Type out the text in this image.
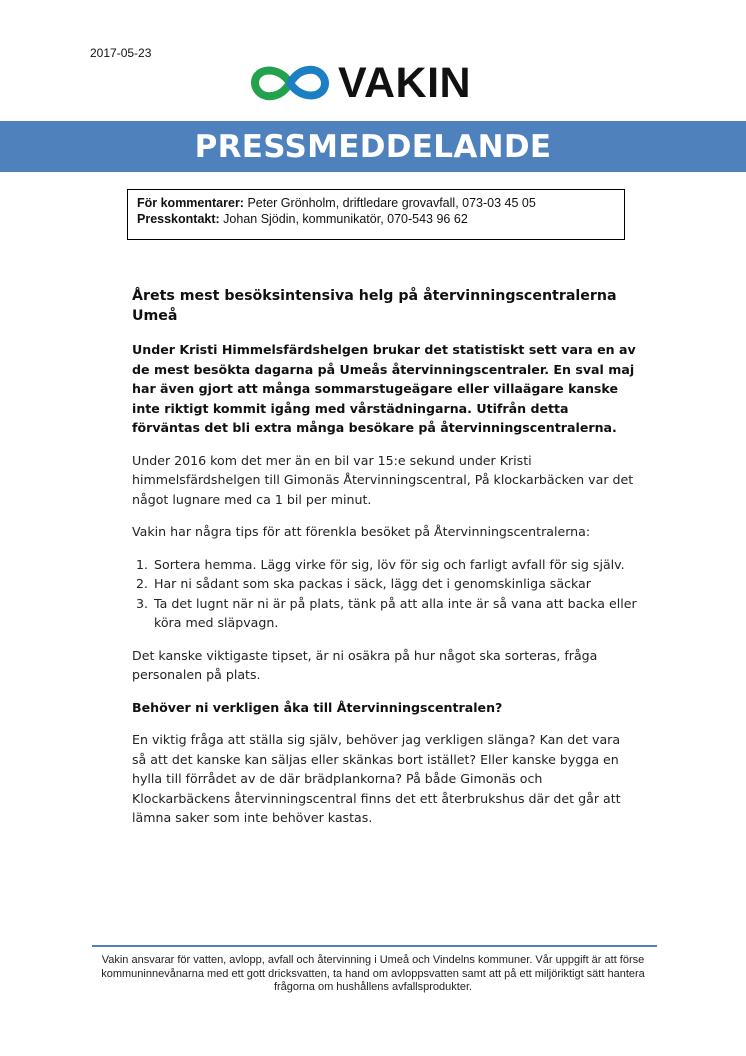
2017-05-23
VAKIN
PRESSMEDDELANDE
För kommentarer: Peter Grönholm, driftledare grovavfall, 073-03 45 05
Presskontakt: Johan Sjödin, kommunikatör, 070-543 96 62
Årets mest besöksintensiva helg på återvinningscentralerna Umeå

Under Kristi Himmelsfärdshelgen brukar det statistiskt sett vara en av de mest besökta dagarna på Umeås återvinningscentraler. En sval maj har även gjort att många sommarstugeägare eller villaägare kanske inte riktigt kommit igång med vårstädningarna. Utifrån detta förväntas det bli extra många besökare på återvinningscentralerna.

Under 2016 kom det mer än en bil var 15:e sekund under Kristi himmelsfärdshelgen till Gimonäs Återvinningscentral, På klockarbäcken var det något lugnare med ca 1 bil per minut.

Vakin har några tips för att förenkla besöket på Återvinningscentralerna:

1. Sortera hemma. Lägg virke för sig, löv för sig och farligt avfall för sig själv.
2. Har ni sådant som ska packas i säck, lägg det i genomskinliga säckar
3. Ta det lugnt när ni är på plats, tänk på att alla inte är så vana att backa eller köra med släpvagn.

Det kanske viktigaste tipset, är ni osäkra på hur något ska sorteras, fråga personalen på plats.

Behöver ni verkligen åka till Återvinningscentralen?

En viktig fråga att ställa sig själv, behöver jag verkligen slänga? Kan det vara så att det kanske kan säljas eller skänkas bort istället? Eller kanske bygga en hylla till förrådet av de där brädplankorna? På både Gimonäs och Klockarbäckens återvinningscentral finns det ett återbrukshus där det går att lämna saker som inte behöver kastas.

Vakin ansvarar för vatten, avlopp, avfall och återvinning i Umeå och Vindelns kommuner. Vår uppgift är att förse kommuninnevånarna med ett gott dricksvatten, ta hand om avloppsvatten samt att på ett miljöriktigt sätt hantera frågorna om hushållens avfallsprodukter.
